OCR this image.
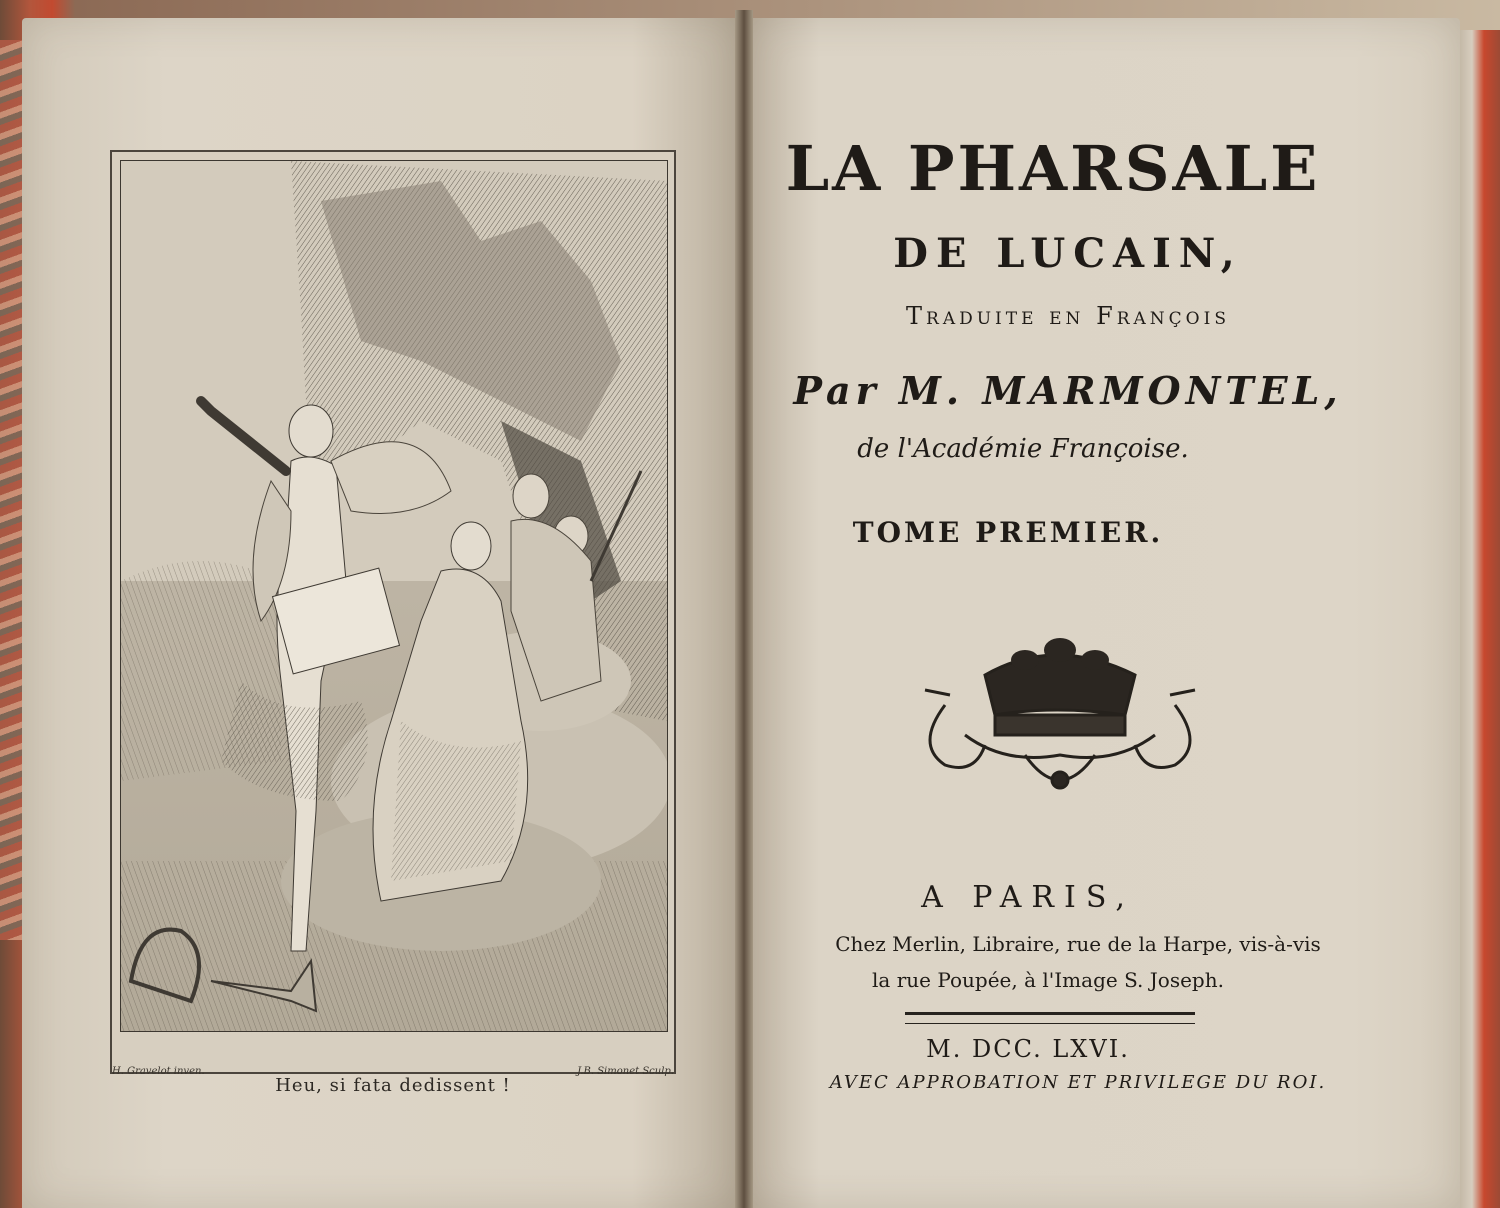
H. Gravelot inven.	J.B. Simonet Sculp.
Heu, si fata dedissent !
LA PHARSALE
DE LUCAIN,
Traduite en François
Par M. MARMONTEL,
de l'Académie Françoise.
TOME PREMIER.
A PARIS,
Chez Merlin, Libraire, rue de la Harpe, vis-à-vis
la rue Poupée, à l'Image S. Joseph.
M. DCC. LXVI.
AVEC APPROBATION ET PRIVILEGE DU ROI.
